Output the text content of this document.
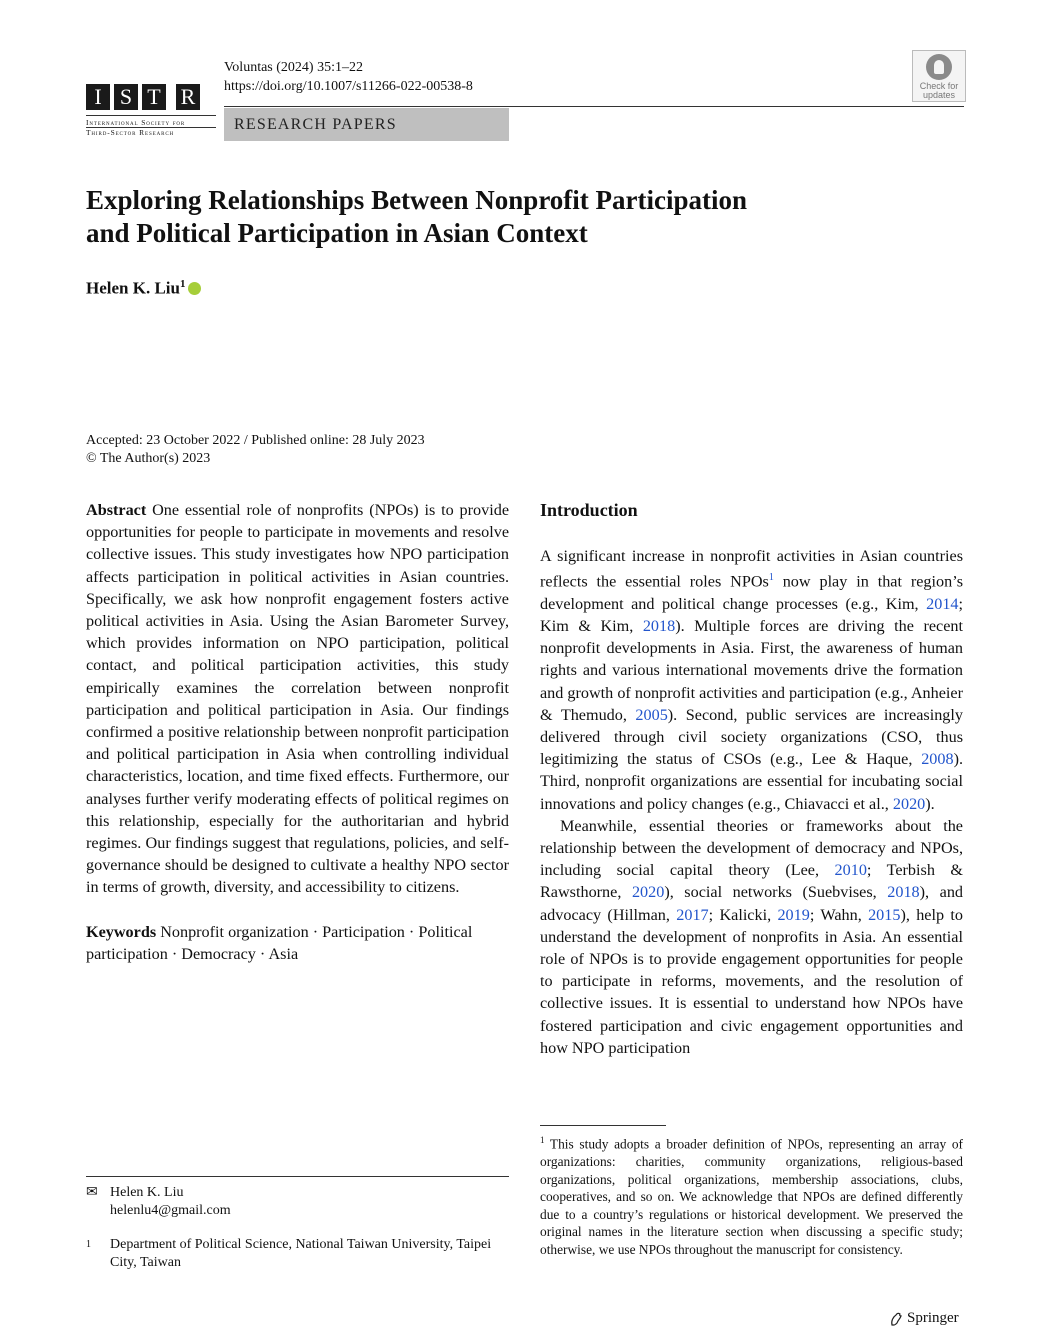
I S T R
International Society for
Third-Sector Research
Voluntas (2024) 35:1–22
https://doi.org/10.1007/s11266-022-00538-8
RESEARCH PAPERS
Check for
updates
Exploring Relationships Between Nonprofit Participation
and Political Participation in Asian Context
Helen K. Liu$^1$
Accepted: 23 October 2022 / Published online: 28 July 2023
© The Author(s) 2023

Abstract One essential role of nonprofits (NPOs) is to provide opportunities for people to participate in movements and resolve collective issues. This study investigates how NPO participation affects participation in political activities in Asian countries. Specifically, we ask how nonprofit engagement fosters active political activities in Asia. Using the Asian Barometer Survey, which provides information on NPO participation, political contact, and political participation activities, this study empirically examines the correlation between nonprofit participation and political participation in Asia. Our findings confirmed a positive relationship between nonprofit participation and political participation in Asia when controlling individual characteristics, location, and time fixed effects. Furthermore, our analyses further verify moderating effects of political regimes on this relationship, especially for the authoritarian and hybrid regimes. Our findings suggest that regulations, policies, and self-governance should be designed to cultivate a healthy NPO sector in terms of growth, diversity, and accessibility to citizens.

Keywords Nonprofit organization · Participation · Political participation · Democracy · Asia

Introduction

A significant increase in nonprofit activities in Asian countries reflects the essential roles NPOs$^1$ now play in that region’s development and political change processes (e.g., Kim, 2014; Kim & Kim, 2018). Multiple forces are driving the recent nonprofit developments in Asia. First, the awareness of human rights and various international movements drive the formation and growth of nonprofit activities and participation (e.g., Anheier & Themudo, 2005). Second, public services are increasingly delivered through civil society organizations (CSO, thus legitimizing the status of CSOs (e.g., Lee & Haque, 2008). Third, nonprofit organizations are essential for incubating social innovations and policy changes (e.g., Chiavacci et al., 2020).

Meanwhile, essential theories or frameworks about the relationship between the development of democracy and NPOs, including social capital theory (Lee, 2010; Terbish & Rawsthorne, 2020), social networks (Suebvises, 2018), and advocacy (Hillman, 2017; Kalicki, 2019; Wahn, 2015), help to understand the development of nonprofits in Asia. An essential role of NPOs is to provide engagement opportunities for people to participate in reforms, movements, and the resolution of collective issues. It is essential to understand how NPOs have fostered participation and civic engagement opportunities and how NPO participation

✉ Helen K. Liu
helenlu4@gmail.com
1	Department of Political Science, National Taiwan University, Taipei City, Taiwan
$^1$ This study adopts a broader definition of NPOs, representing an array of organizations: charities, community organizations, religious-based organizations, political organizations, membership associations, clubs, cooperatives, and so on. We acknowledge that NPOs are defined differently due to a country’s regulations or historical development. We preserved the original names in the literature section when discussing a specific study; otherwise, we use NPOs throughout the manuscript for consistency.
Springer
